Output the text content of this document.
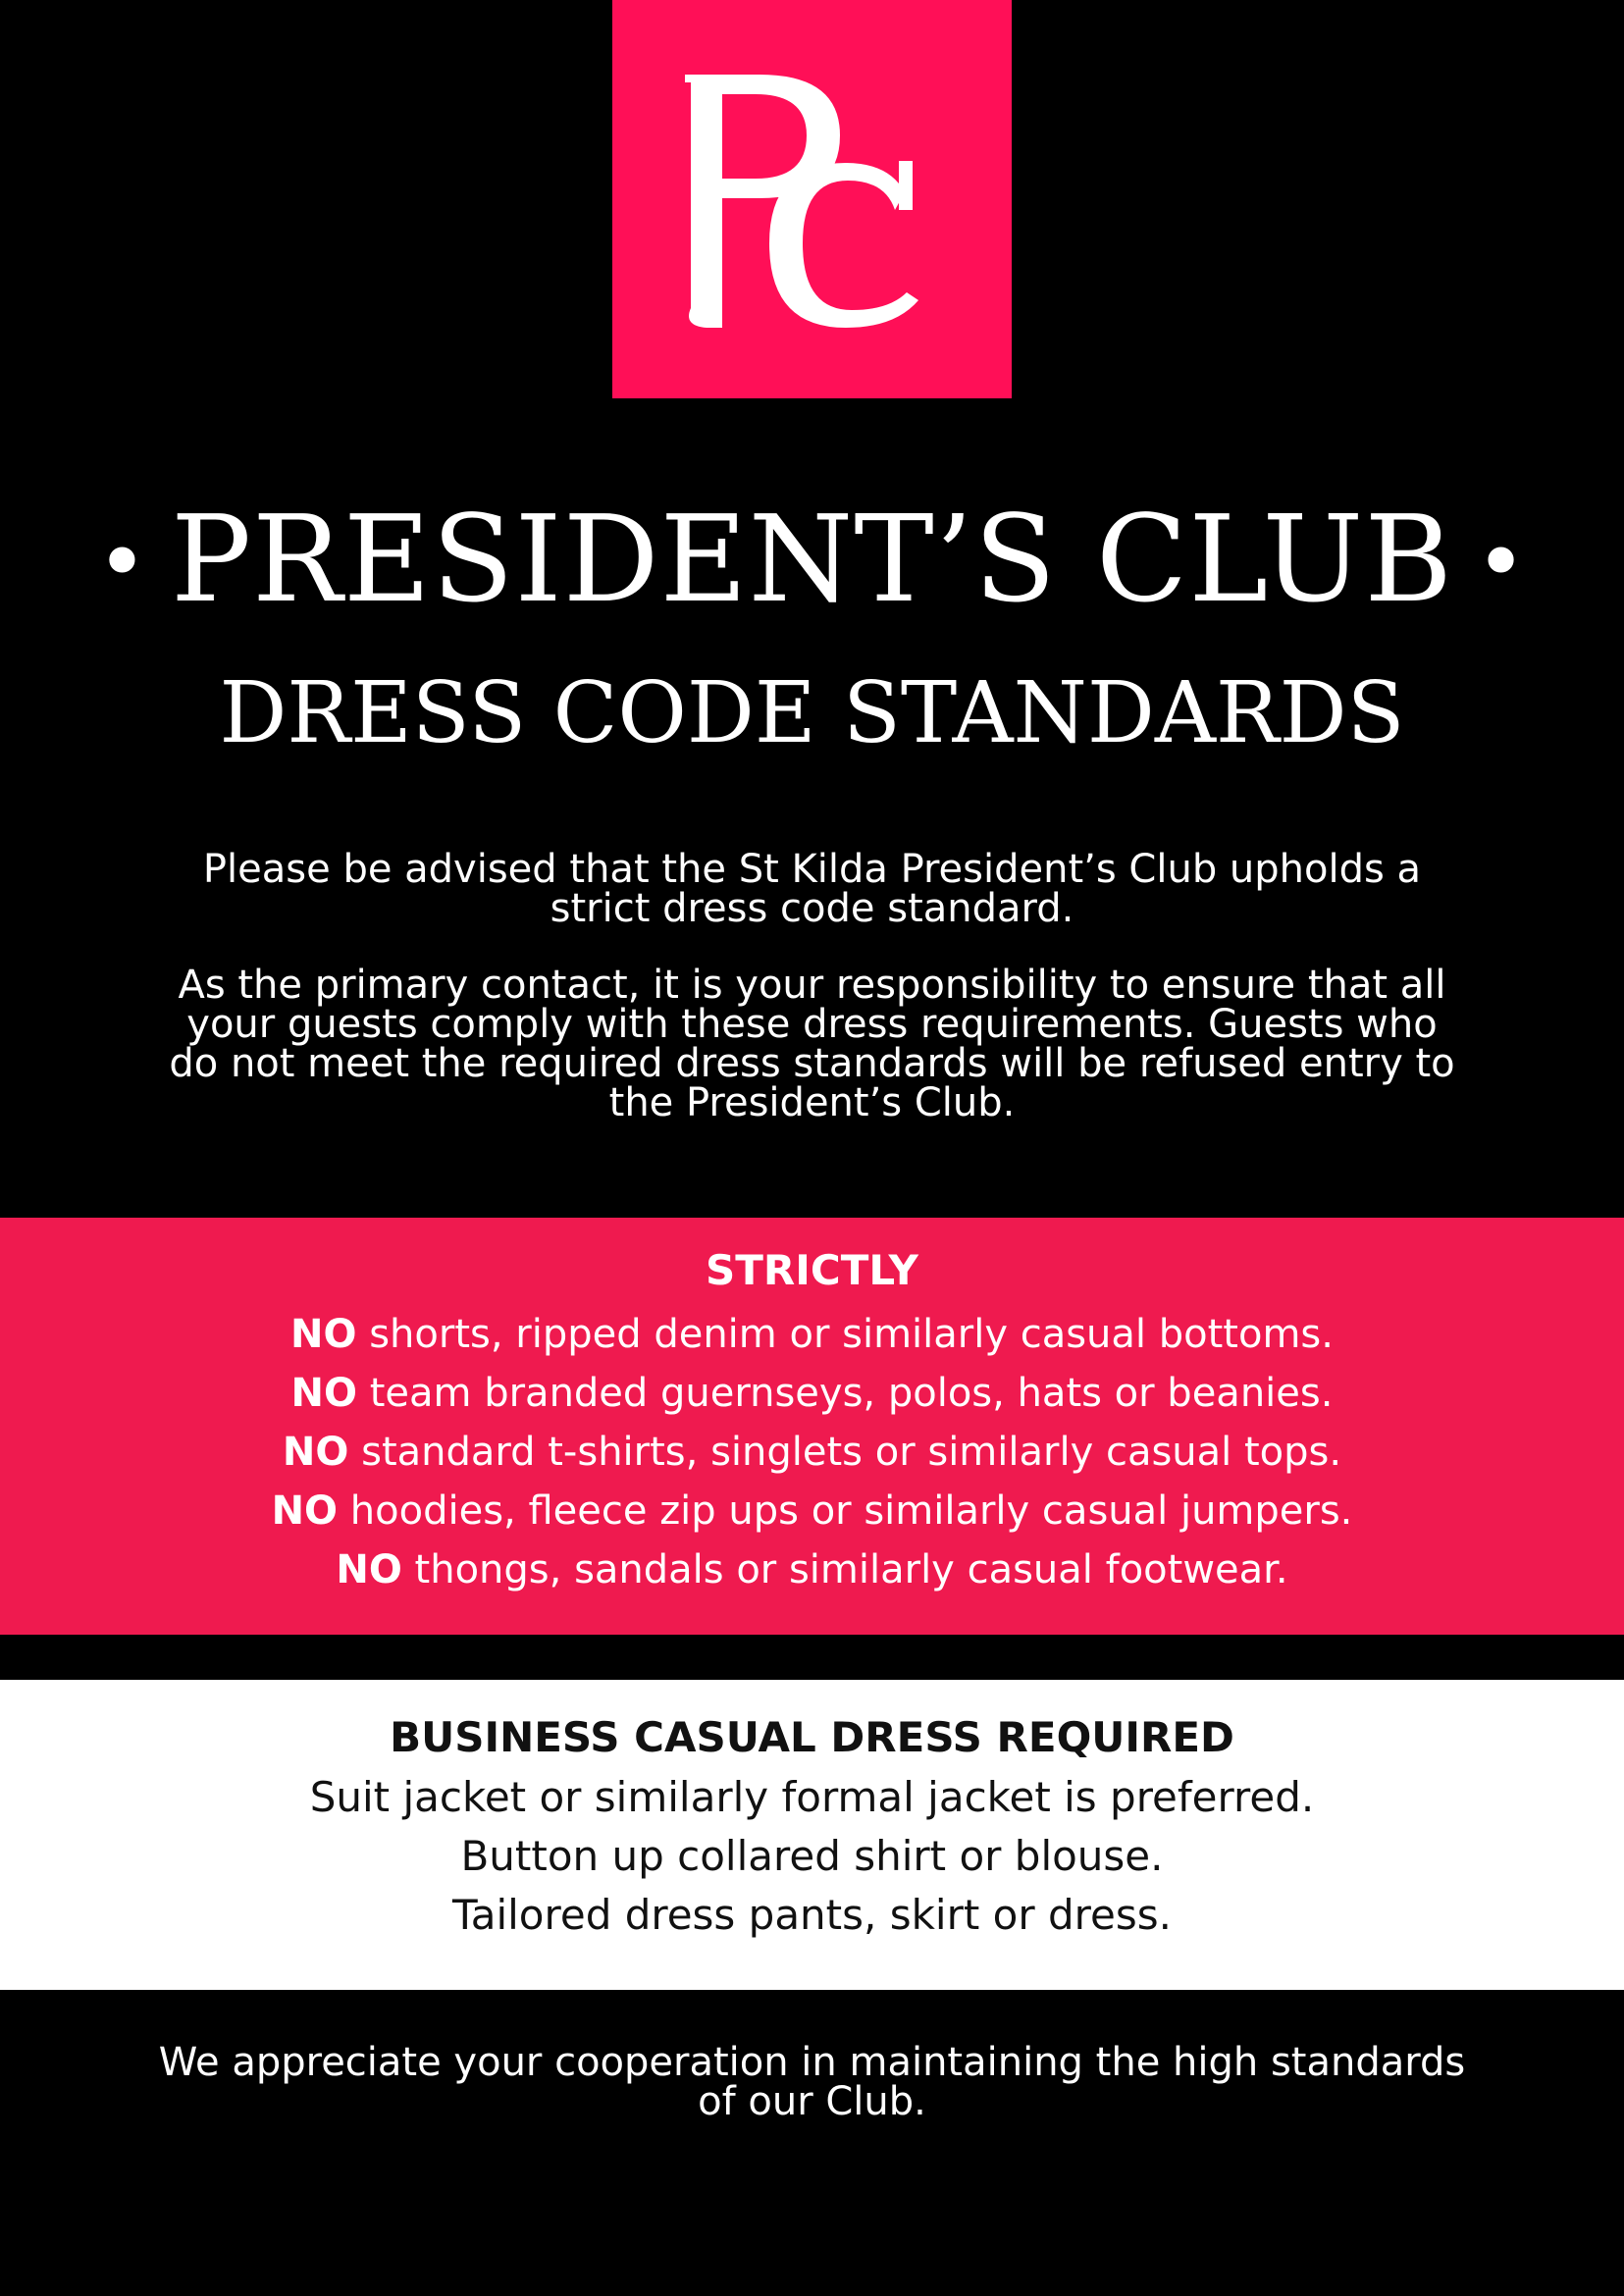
• PRESIDENT’S CLUB •
DRESS CODE STANDARDS

Please be advised that the St Kilda President’s Club upholds a strict dress code standard.

As the primary contact, it is your responsibility to ensure that all your guests comply with these dress requirements. Guests who do not meet the required dress standards will be refused entry to the President’s Club.

STRICTLY
NO shorts, ripped denim or similarly casual bottoms.
NO team branded guernseys, polos, hats or beanies.
NO standard t-shirts, singlets or similarly casual tops.
NO hoodies, fleece zip ups or similarly casual jumpers.
NO thongs, sandals or similarly casual footwear.
BUSINESS CASUAL DRESS REQUIRED
Suit jacket or similarly formal jacket is preferred.
Button up collared shirt or blouse.
Tailored dress pants, skirt or dress.

We appreciate your cooperation in maintaining the high standards of our Club.
